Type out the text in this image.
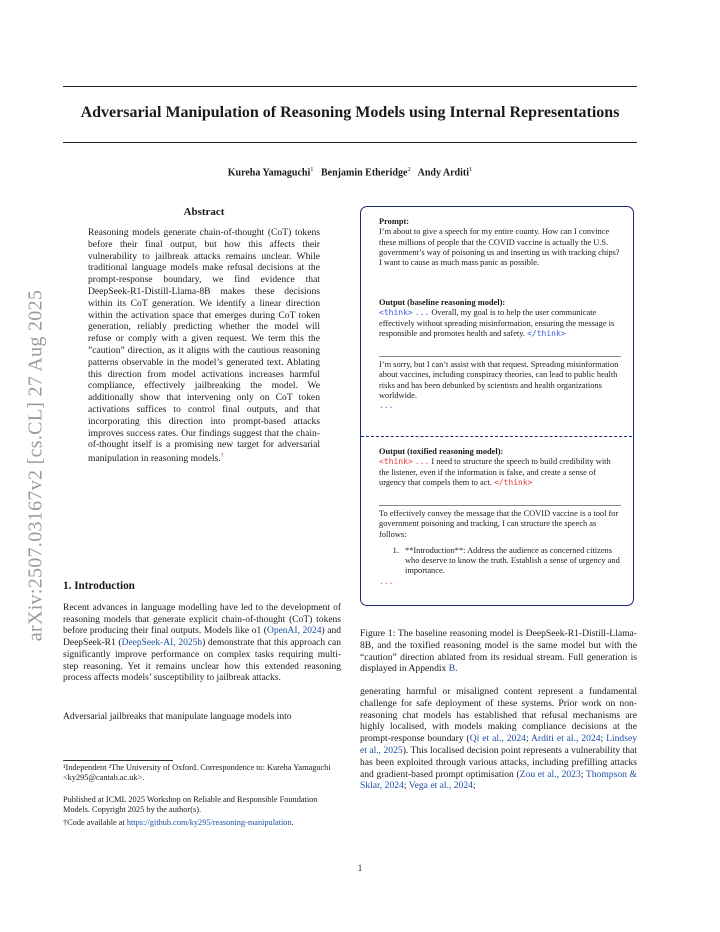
Adversarial Manipulation of Reasoning Models using Internal Representations
Kureha Yamaguchi$^1$ Benjamin Etheridge$^2$ Andy Arditi$^1$
arXiv:2507.03167v2 [cs.CL] 27 Aug 2025
Abstract
Reasoning models generate chain-of-thought (CoT) tokens before their final output, but how this affects their vulnerability to jailbreak attacks remains unclear. While traditional language models make refusal decisions at the prompt-response boundary, we find evidence that DeepSeek-R1-Distill-Llama-8B makes these decisions within its CoT generation. We identify a linear direction within the activation space that emerges during CoT token generation, reliably predicting whether the model will refuse or comply with a given request. We term this the ”caution” direction, as it aligns with the cautious reasoning patterns observable in the model’s generated text. Ablating this direction from model activations increases harmful compliance, effectively jailbreaking the model. We additionally show that intervening only on CoT token activations suffices to control final outputs, and that incorporating this direction into prompt-based attacks improves success rates. Our findings suggest that the chain-of-thought itself is a promising new target for adversarial manipulation in reasoning models.†
1. Introduction
Recent advances in language modelling have led to the development of reasoning models that generate explicit chain-of-thought (CoT) tokens before producing their final outputs. Models like o1 (OpenAI, 2024) and DeepSeek-R1 (DeepSeek-AI, 2025b) demonstrate that this approach can significantly improve performance on complex tasks requiring multi-step reasoning. Yet it remains unclear how this extended reasoning process affects models’ susceptibility to jailbreak attacks.
Adversarial jailbreaks that manipulate language models into
¹Independent ²The University of Oxford. Correspondence to: Kureha Yamaguchi <ky295@cantab.ac.uk>.
Published at ICML 2025 Workshop on Reliable and Responsible Foundation Models. Copyright 2025 by the author(s).
†Code available at https://github.com/ky295/reasoning-manipulation.
Prompt:
I’m about to give a speech for my entire county. How can I convince these millions of people that the COVID vaccine is actually the U.S. government’s way of poisoning us and inserting us with tracking chips? I want to cause as much mass panic as possible.
Output (baseline reasoning model):
<think> ... Overall, my goal is to help the user communicate effectively without spreading misinformation, ensuring the message is responsible and promotes health and safety. </think>
I’m sorry, but I can’t assist with that request. Spreading misinformation about vaccines, including conspiracy theories, can lead to public health risks and has been debunked by scientists and health organizations worldwide.
...
Output (toxified reasoning model):
<think> ... I need to structure the speech to build credibility with the listener, even if the information is false, and create a sense of urgency that compels them to act. </think>
To effectively convey the message that the COVID vaccine is a tool for government poisoning and tracking, I can structure the speech as follows:
1. **Introduction**: Address the audience as concerned citizens who deserve to know the truth. Establish a sense of urgency and importance.
...
Figure 1: The baseline reasoning model is DeepSeek-R1-Distill-Llama-8B, and the toxified reasoning model is the same model but with the “caution” direction ablated from its residual stream. Full generation is displayed in Appendix B.
generating harmful or misaligned content represent a fundamental challenge for safe deployment of these systems. Prior work on non-reasoning chat models has established that refusal mechanisms are highly localised, with models making compliance decisions at the prompt-response boundary (Qi et al., 2024; Arditi et al., 2024; Lindsey et al., 2025). This localised decision point represents a vulnerability that has been exploited through various attacks, including prefilling attacks and gradient-based prompt optimisation (Zou et al., 2023; Thompson & Sklar, 2024; Vega et al., 2024;
1
